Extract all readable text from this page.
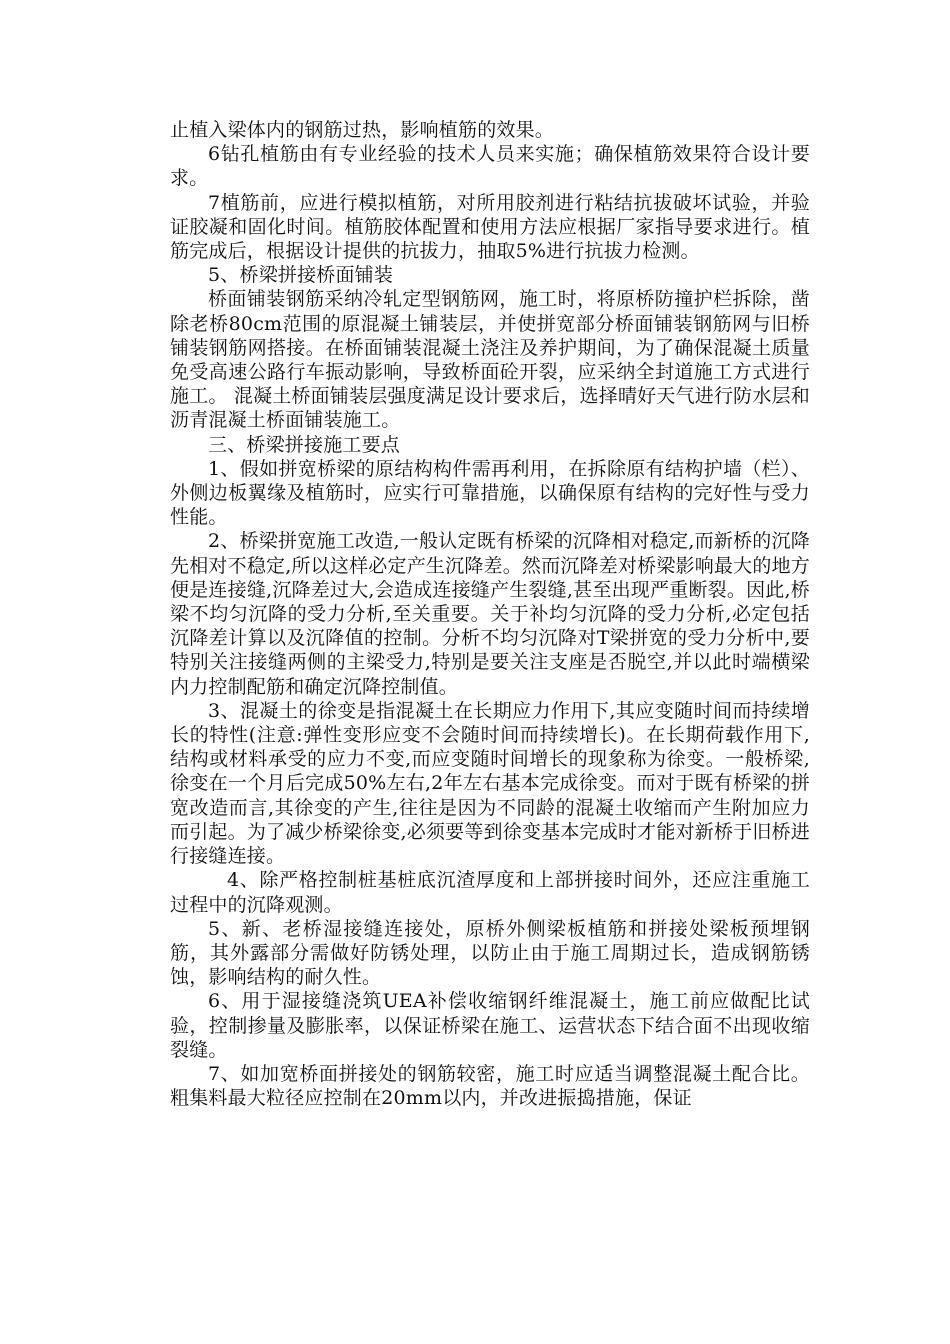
止植入梁体内的钢筋过热，影响植筋的效果。

6钻孔植筋由有专业经验的技术人员来实施；确保植筋效果符合设计要求。

7植筋前，应进行模拟植筋，对所用胶剂进行粘结抗拔破坏试验，并验证胶凝和固化时间。植筋胶体配置和使用方法应根据厂家指导要求进行。植筋完成后，根据设计提供的抗拔力，抽取5%进行抗拔力检测。

5、桥梁拼接桥面铺装

桥面铺装钢筋采纳冷轧定型钢筋网，施工时，将原桥防撞护栏拆除，凿除老桥80cm范围的原混凝土铺装层，并使拼宽部分桥面铺装钢筋网与旧桥铺装钢筋网搭接。在桥面铺装混凝土浇注及养护期间，为了确保混凝土质量免受高速公路行车振动影响，导致桥面砼开裂，应采纳全封道施工方式进行施工。 混凝土桥面铺装层强度满足设计要求后，选择晴好天气进行防水层和沥青混凝土桥面铺装施工。

三、桥梁拼接施工要点

1、假如拼宽桥梁的原结构构件需再利用，在拆除原有结构护墙（栏）、外侧边板翼缘及植筋时，应实行可靠措施，以确保原有结构的完好性与受力性能。

2、桥梁拼宽施工改造,一般认定既有桥梁的沉降相对稳定,而新桥的沉降先相对不稳定,所以这样必定产生沉降差。然而沉降差对桥梁影响最大的地方便是连接缝,沉降差过大,会造成连接缝产生裂缝,甚至出现严重断裂。因此,桥梁不均匀沉降的受力分析,至关重要。关于补均匀沉降的受力分析,必定包括沉降差计算以及沉降值的控制。分析不均匀沉降对T梁拼宽的受力分析中,要特别关注接缝两侧的主梁受力,特别是要关注支座是否脱空,并以此时端横梁内力控制配筋和确定沉降控制值。

3、混凝土的徐变是指混凝土在长期应力作用下,其应变随时间而持续增长的特性(注意:弹性变形应变不会随时间而持续增长)。在长期荷载作用下,结构或材料承受的应力不变,而应变随时间增长的现象称为徐变。一般桥梁,徐变在一个月后完成50%左右,2年左右基本完成徐变。而对于既有桥梁的拼宽改造而言,其徐变的产生,往往是因为不同龄的混凝土收缩而产生附加应力而引起。为了减少桥梁徐变,必须要等到徐变基本完成时才能对新桥于旧桥进行接缝连接。

4、除严格控制桩基桩底沉渣厚度和上部拼接时间外，还应注重施工过程中的沉降观测。

5、新、老桥湿接缝连接处，原桥外侧梁板植筋和拼接处梁板预埋钢筋，其外露部分需做好防锈处理，以防止由于施工周期过长，造成钢筋锈蚀，影响结构的耐久性。

6、用于湿接缝浇筑UEA补偿收缩钢纤维混凝土，施工前应做配比试验，控制掺量及膨胀率，以保证桥梁在施工、运营状态下结合面不出现收缩裂缝。

7、如加宽桥面拼接处的钢筋较密，施工时应适当调整混凝土配合比。粗集料最大粒径应控制在20mm以内，并改进振捣措施，保证
